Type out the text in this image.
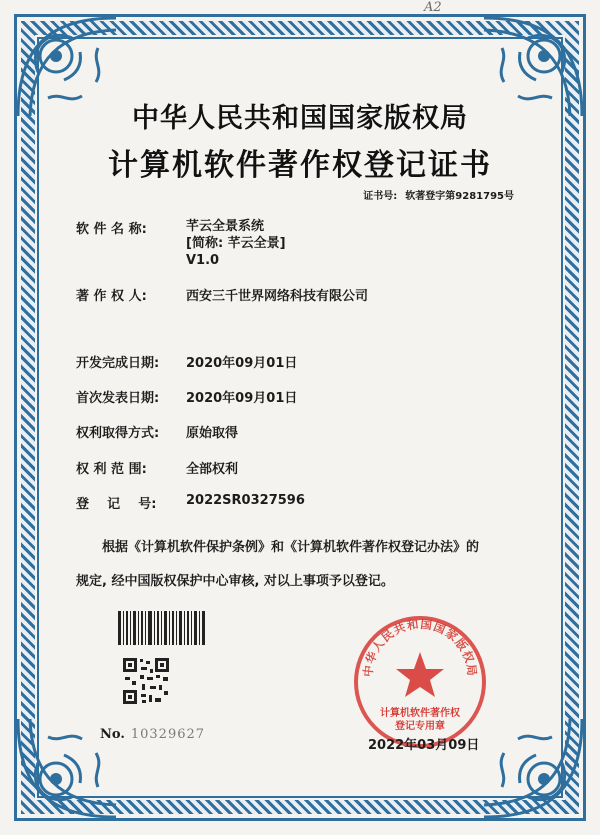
A2
中华人民共和国国家版权局
计算机软件著作权登记证书
证书号: 软著登字第9281795号
软 件 名 称:	芊云全景系统
[简称: 芊云全景]
V1.0
著 作 权 人:	西安三千世界网络科技有限公司
开发完成日期: 2020年09月01日
首次发表日期: 2020年09月01日
权利取得方式: 原始取得
权 利 范 围:	全部权利
登    记    号: 2022SR0327596
根据《计算机软件保护条例》和《计算机软件著作权登记办法》的
规定, 经中国版权保护中心审核, 对以上事项予以登记。
No. 10329627
中华人民共和国国家版权局
计算机软件著作权
登记专用章
2022年03月09日
